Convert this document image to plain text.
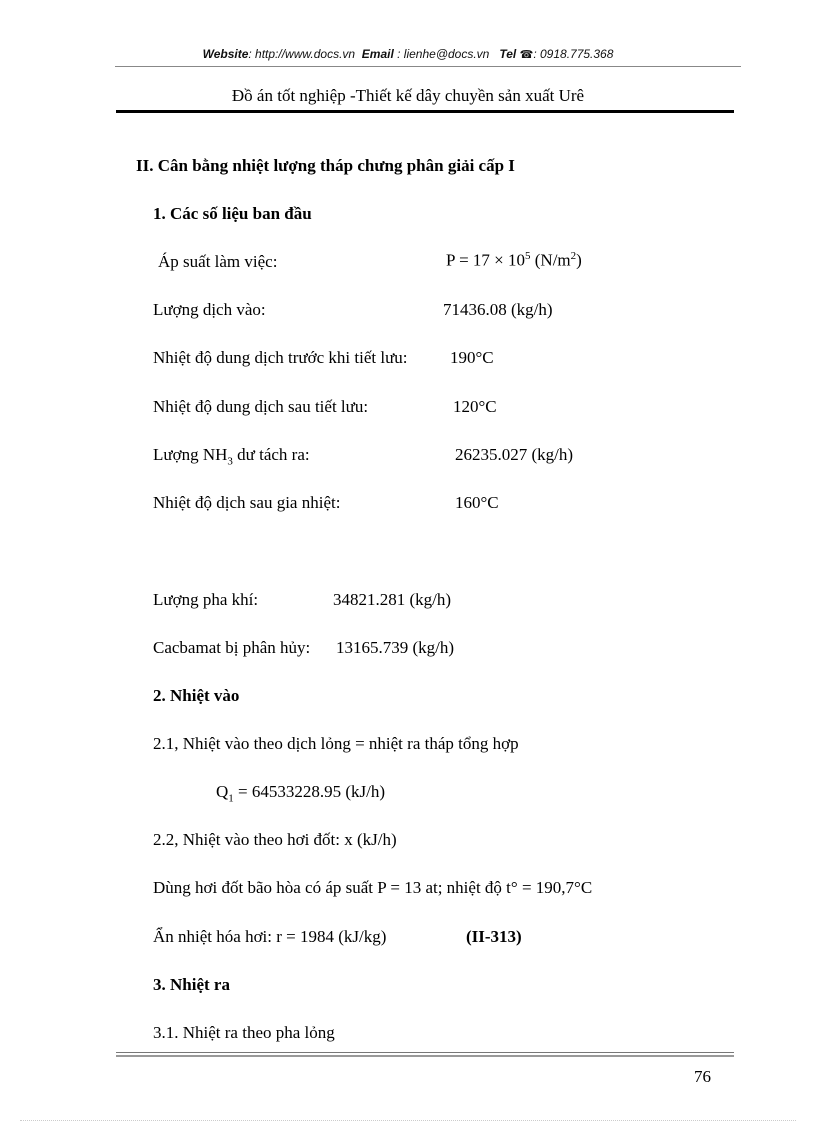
Website: http://www.docs.vn Email : lienhe@docs.vn Tel ☎: 0918.775.368
Đồ án tốt nghiệp -Thiết kế dây chuyền sản xuất Urê
II. Cân bằng nhiệt lượng tháp chưng phân giải cấp I
1. Các số liệu ban đầu
Áp suất làm việc:	$P = 17 \times 10^5$ $(N/m^2)$
Lượng dịch vào:	71436.08 (kg/h)
Nhiệt độ dung dịch trước khi tiết lưu: 190°C
Nhiệt độ dung dịch sau tiết lưu:	120°C
Lượng $NH_3$ dư tách ra:	26235.027 (kg/h)
Nhiệt độ dịch sau gia nhiệt:	160°C
Lượng pha khí:	34821.281 (kg/h)
Cacbamat bị phân hủy: 13165.739 (kg/h)
2. Nhiệt vào
2.1, Nhiệt vào theo dịch lỏng = nhiệt ra tháp tổng hợp
$Q_1 = 64533228.95$ (kJ/h)
2.2, Nhiệt vào theo hơi đốt: x (kJ/h)
Dùng hơi đốt bão hòa có áp suất P = 13 at; nhiệt độ t° = 190,7°C
Ẩn nhiệt hóa hơi: r = 1984 (kJ/kg)	(II-313)
3. Nhiệt ra
3.1. Nhiệt ra theo pha lỏng
76
